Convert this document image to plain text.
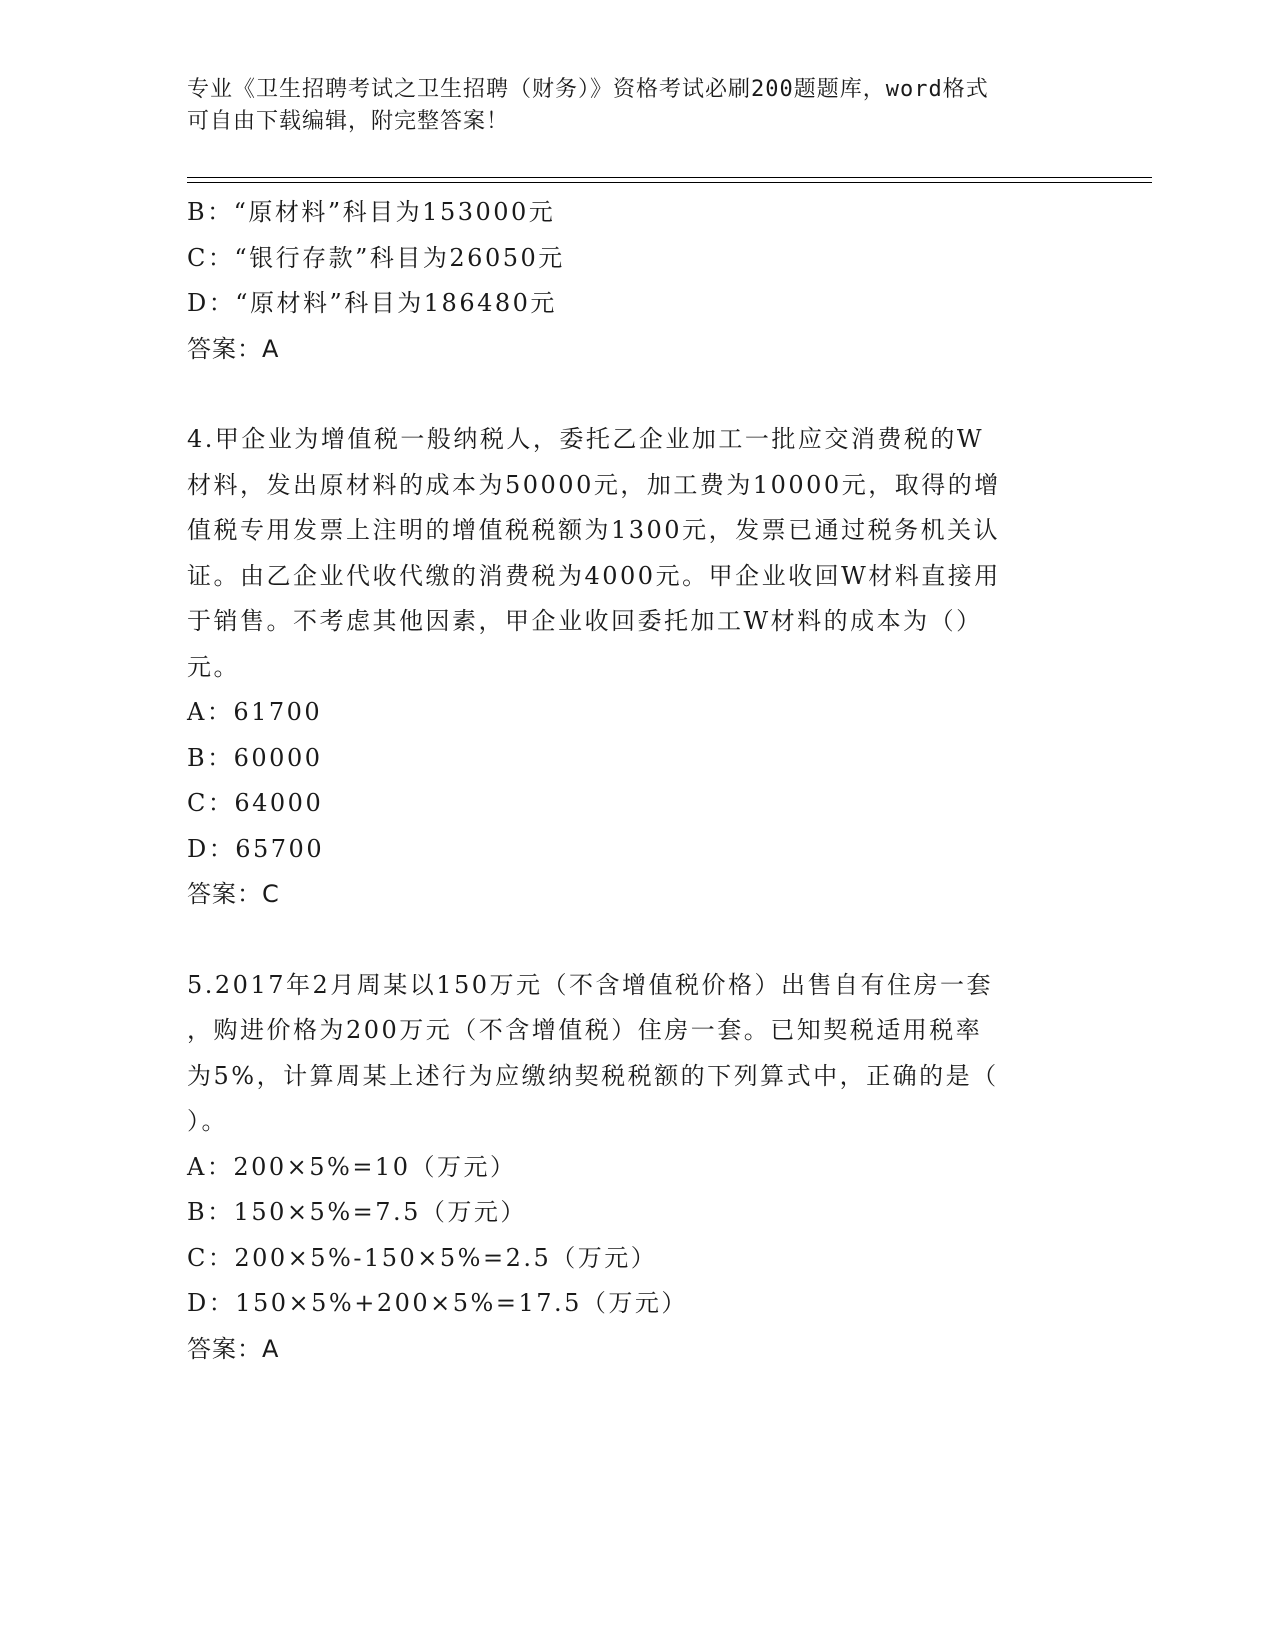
专业《卫生招聘考试之卫生招聘（财务）》资格考试必刷200题题库，word格式
可自由下载编辑，附完整答案！
B：“原材料”科目为153000元
C：“银行存款”科目为26050元
D：“原材料”科目为186480元
答案：A
4.甲企业为增值税一般纳税人，委托乙企业加工一批应交消费税的W
材料，发出原材料的成本为50000元，加工费为10000元，取得的增
值税专用发票上注明的增值税税额为1300元，发票已通过税务机关认
证。由乙企业代收代缴的消费税为4000元。甲企业收回W材料直接用
于销售。不考虑其他因素，甲企业收回委托加工W材料的成本为（）
元。
A：61700
B：60000
C：64000
D：65700
答案：C
5.2017年2月周某以150万元（不含增值税价格）出售自有住房一套
，购进价格为200万元（不含增值税）住房一套。已知契税适用税率
为5%，计算周某上述行为应缴纳契税税额的下列算式中，正确的是（
）。
A：200×5%=10（万元）
B：150×5%=7.5（万元）
C：200×5%-150×5%=2.5（万元）
D：150×5%+200×5%=17.5（万元）
答案：A
